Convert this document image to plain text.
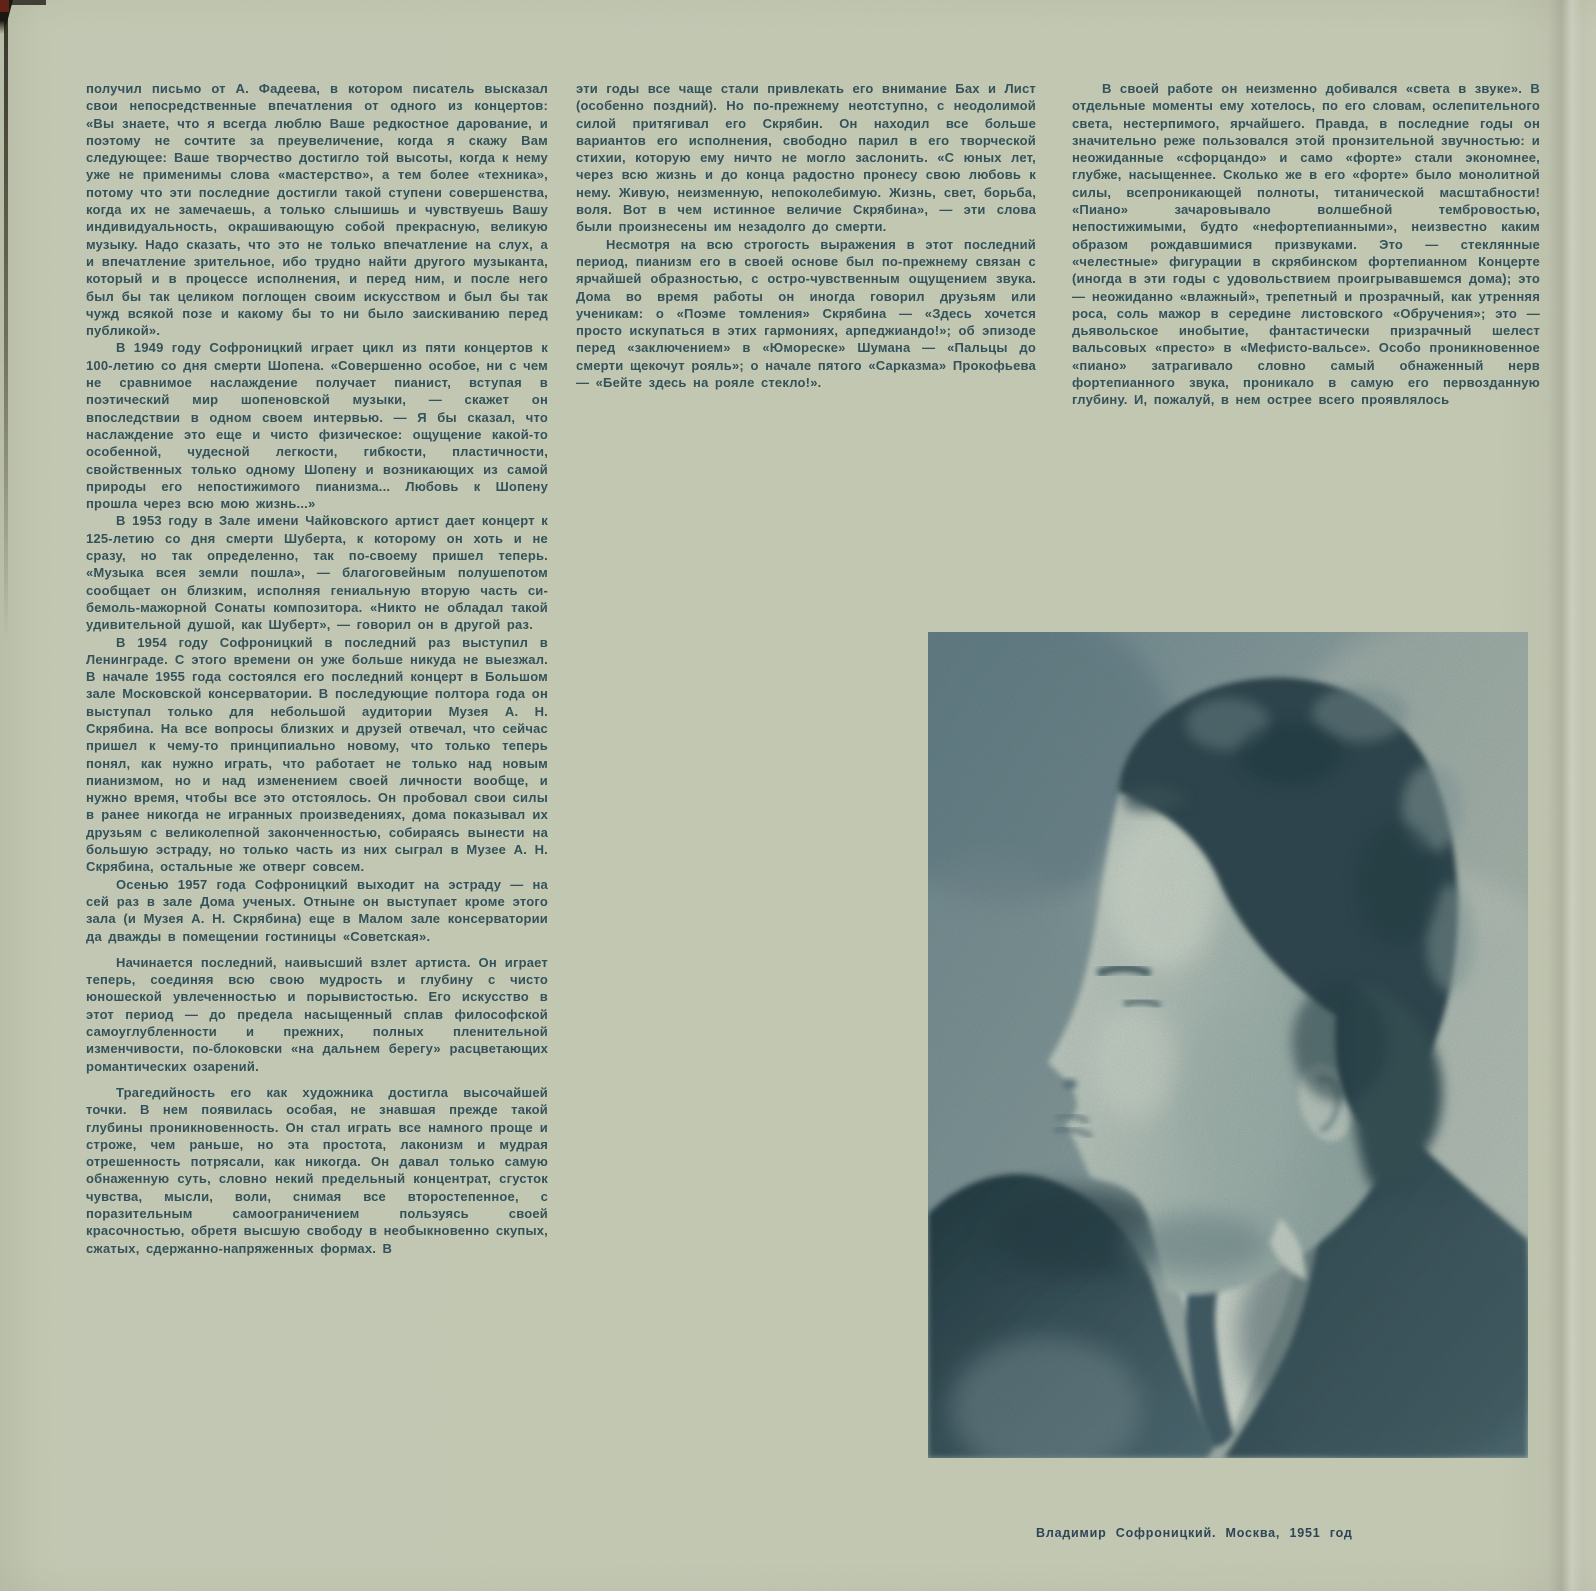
получил письмо от А. Фадеева, в котором писатель высказал свои непосредственные впечатления от одного из концертов: «Вы знаете, что я всегда люблю Ваше редкостное дарование, и поэтому не сочтите за преувеличение, когда я скажу Вам следующее: Ваше творчество достигло той высоты, когда к нему уже не применимы слова «мастерство», а тем более «техника», потому что эти последние достигли такой ступени совершенства, когда их не замечаешь, а только слышишь и чувствуешь Вашу индивидуальность, окрашивающую собой прекрасную, великую музыку. Надо сказать, что это не только впечатление на слух, а и впечатление зрительное, ибо трудно найти другого музыканта, который и в процессе исполнения, и перед ним, и после него был бы так целиком поглощен своим искусством и был бы так чужд всякой позе и какому бы то ни было заискиванию перед публикой».

В 1949 году Софроницкий играет цикл из пяти концертов к 100-летию со дня смерти Шопена. «Совершенно особое, ни с чем не сравнимое наслаждение получает пианист, вступая в поэтический мир шопеновской музыки, — скажет он впоследствии в одном своем интервью. — Я бы сказал, что наслаждение это еще и чисто физическое: ощущение какой-то особенной, чудесной легкости, гибкости, пластичности, свойственных только одному Шопену и возникающих из самой природы его непостижимого пианизма... Любовь к Шопену прошла через всю мою жизнь...»

В 1953 году в Зале имени Чайковского артист дает концерт к 125-летию со дня смерти Шуберта, к которому он хоть и не сразу, но так определенно, так по-своему пришел теперь. «Музыка всея земли пошла», — благоговейным полушепотом сообщает он близким, исполняя гениальную вторую часть си-бемоль-мажорной Сонаты композитора. «Никто не обладал такой удивительной душой, как Шуберт», — говорил он в другой раз.

В 1954 году Софроницкий в последний раз выступил в Ленинграде. С этого времени он уже больше никуда не выезжал. В начале 1955 года состоялся его последний концерт в Большом зале Московской консерватории. В последующие полтора года он выступал только для небольшой аудитории Музея А. Н. Скрябина. На все вопросы близких и друзей отвечал, что сейчас пришел к чему-то принципиально новому, что только теперь понял, как нужно играть, что работает не только над новым пианизмом, но и над изменением своей личности вообще, и нужно время, чтобы все это отстоялось. Он пробовал свои силы в ранее никогда не игранных произведениях, дома показывал их друзьям с великолепной законченностью, собираясь вынести на большую эстраду, но только часть из них сыграл в Музее А. Н. Скрябина, остальные же отверг совсем.

Осенью 1957 года Софроницкий выходит на эстраду — на сей раз в зале Дома ученых. Отныне он выступает кроме этого зала (и Музея А. Н. Скрябина) еще в Малом зале консерватории да дважды в помещении гостиницы «Советская».

Начинается последний, наивысший взлет артиста. Он играет теперь, соединяя всю свою мудрость и глубину с чисто юношеской увлеченностью и порывистостью. Его искусство в этот период — до предела насыщенный сплав философской самоуглубленности и прежних, полных пленительной изменчивости, по-блоковски «на дальнем берегу» расцветающих романтических озарений.

Трагедийность его как художника достигла высочайшей точки. В нем появилась особая, не знавшая прежде такой глубины проникновенность. Он стал играть все намного проще и строже, чем раньше, но эта простота, лаконизм и мудрая отрешенность потрясали, как никогда. Он давал только самую обнаженную суть, словно некий предельный концентрат, сгусток чувства, мысли, воли, снимая все второстепенное, с поразительным самоограничением пользуясь своей красочностью, обретя высшую свободу в необыкновенно скупых, сжатых, сдержанно-напряженных формах. В

эти годы все чаще стали привлекать его внимание Бах и Лист (особенно поздний). Но по-прежнему неотступно, с неодолимой силой притягивал его Скрябин. Он находил все больше вариантов его исполнения, свободно парил в его творческой стихии, которую ему ничто не могло заслонить. «С юных лет, через всю жизнь и до конца радостно пронесу свою любовь к нему. Живую, неизменную, непоколебимую. Жизнь, свет, борьба, воля. Вот в чем истинное величие Скрябина», — эти слова были произнесены им незадолго до смерти.

Несмотря на всю строгость выражения в этот последний период, пианизм его в своей основе был по-прежнему связан с ярчайшей образностью, с остро-чувственным ощущением звука. Дома во время работы он иногда говорил друзьям или ученикам: о «Поэме томления» Скрябина — «Здесь хочется просто искупаться в этих гармониях, арпеджиандо!»; об эпизоде перед «заключением» в «Юмореске» Шумана — «Пальцы до смерти щекочут рояль»; о начале пятого «Сарказма» Прокофьева — «Бейте здесь на рояле стекло!».

В своей работе он неизменно добивался «света в звуке». В отдельные моменты ему хотелось, по его словам, ослепительного света, нестерпимого, ярчайшего. Правда, в последние годы он значительно реже пользовался этой пронзительной звучностью: и неожиданные «сфорцандо» и само «форте» стали экономнее, глубже, насыщеннее. Сколько же в его «форте» было монолитной силы, всепроникающей полноты, титанической масштабности! «Пиано» зачаровывало волшебной тембровостью, непостижимыми, будто «нефортепианными», неизвестно каким образом рождавшимися призвуками. Это — стеклянные «челестные» фигурации в скрябинском фортепианном Концерте (иногда в эти годы с удовольствием проигрывавшемся дома); это — неожиданно «влажный», трепетный и прозрачный, как утренняя роса, соль мажор в середине листовского «Обручения»; это — дьявольское инобытие, фантастически призрачный шелест вальсовых «престо» в «Мефисто-вальсе». Особо проникновенное «пиано» затрагивало словно самый обнаженный нерв фортепианного звука, проникало в самую его первозданную глубину. И, пожалуй, в нем острее всего проявлялось

Владимир Софроницкий. Москва, 1951 год
